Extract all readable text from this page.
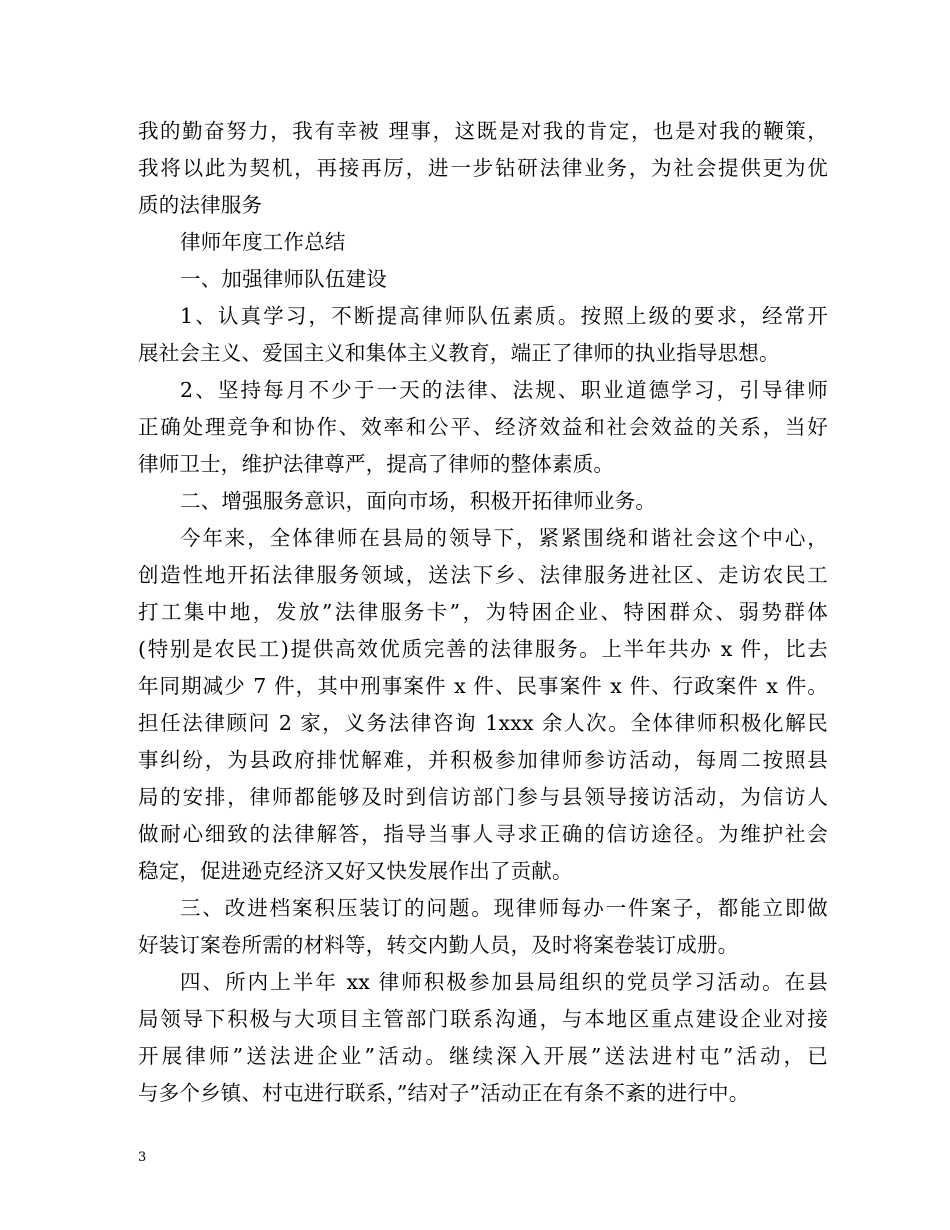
我的勤奋努力，我有幸被 理事，这既是对我的肯定，也是对我的鞭策，
我将以此为契机，再接再厉，进一步钻研法律业务，为社会提供更为优
质的法律服务
律师年度工作总结
一、加强律师队伍建设
1、认真学习，不断提高律师队伍素质。按照上级的要求，经常开
展社会主义、爱国主义和集体主义教育，端正了律师的执业指导思想。
2、坚持每月不少于一天的法律、法规、职业道德学习，引导律师
正确处理竞争和协作、效率和公平、经济效益和社会效益的关系，当好
律师卫士，维护法律尊严，提高了律师的整体素质。
二、增强服务意识，面向市场，积极开拓律师业务。
今年来，全体律师在县局的领导下，紧紧围绕和谐社会这个中心，
创造性地开拓法律服务领域，送法下乡、法律服务进社区、走访农民工
打工集中地，发放”法律服务卡”，为特困企业、特困群众、弱势群体
(特别是农民工)提供高效优质完善的法律服务。上半年共办 x 件，比去
年同期减少 7 件，其中刑事案件 x 件、民事案件 x 件、行政案件 x 件。
担任法律顾问 2 家，义务法律咨询 1xxx 余人次。全体律师积极化解民
事纠纷，为县政府排忧解难，并积极参加律师参访活动，每周二按照县
局的安排，律师都能够及时到信访部门参与县领导接访活动，为信访人
做耐心细致的法律解答，指导当事人寻求正确的信访途径。为维护社会
稳定，促进逊克经济又好又快发展作出了贡献。
三、改进档案积压装订的问题。现律师每办一件案子，都能立即做
好装订案卷所需的材料等，转交内勤人员，及时将案卷装订成册。
四、所内上半年 xx 律师积极参加县局组织的党员学习活动。在县
局领导下积极与大项目主管部门联系沟通，与本地区重点建设企业对接
开展律师”送法进企业”活动。继续深入开展”送法进村屯”活动，已
与多个乡镇、村屯进行联系，”结对子”活动正在有条不紊的进行中。
3
